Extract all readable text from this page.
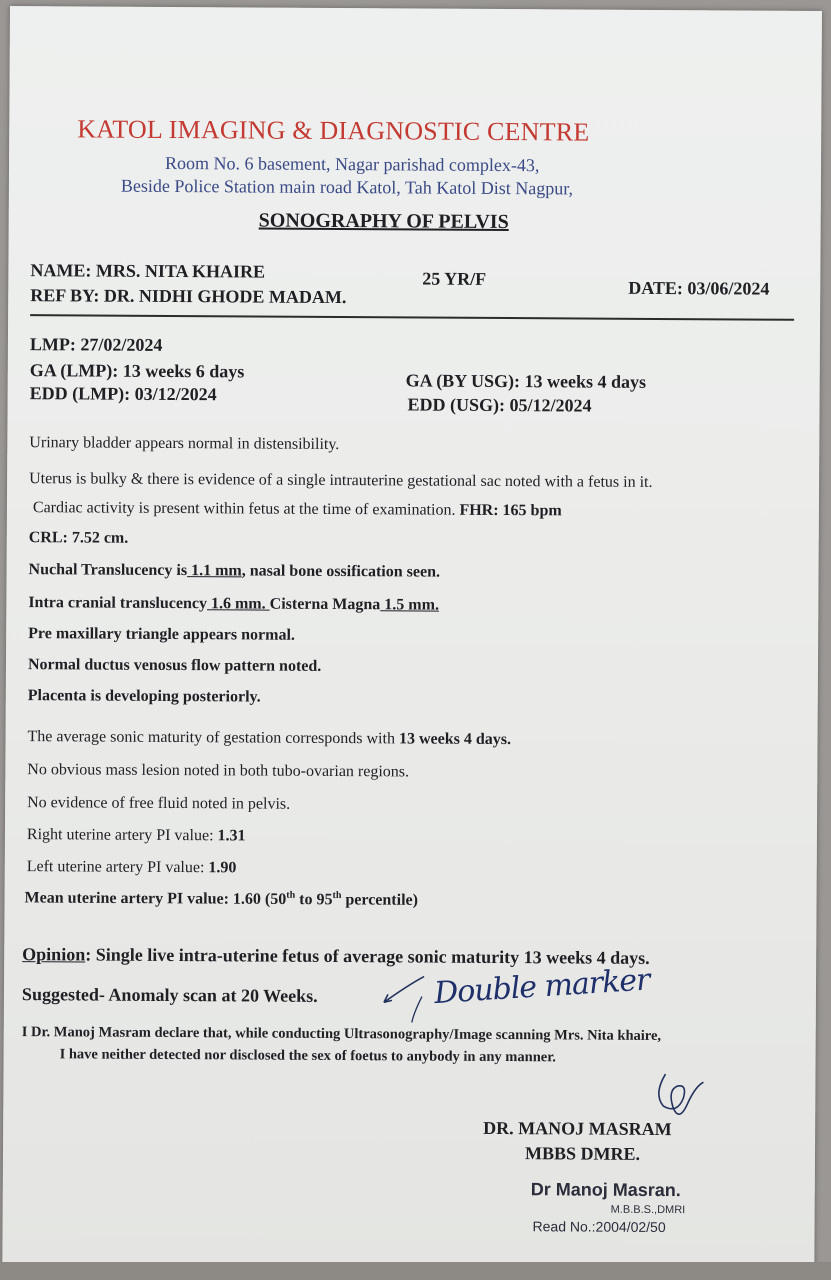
KATOL IMAGING & DIAGNOSTIC CENTRE
Room No. 6 basement, Nagar parishad complex-43,
Beside Police Station main road Katol, Tah Katol Dist Nagpur,
SONOGRAPHY OF PELVIS
NAME: MRS. NITA KHAIRE	25 YR/F	DATE: 03/06/2024
REF BY: DR. NIDHI GHODE MADAM.
LMP: 27/02/2024
GA (LMP): 13 weeks 6 days
EDD (LMP): 03/12/2024
GA (BY USG): 13 weeks 4 days
EDD (USG): 05/12/2024
Urinary bladder appears normal in distensibility.
Uterus is bulky & there is evidence of a single intrauterine gestational sac noted with a fetus in it.
Cardiac activity is present within fetus at the time of examination. FHR: 165 bpm
CRL: 7.52 cm.
Nuchal Translucency is 1.1 mm, nasal bone ossification seen.
Intra cranial translucency 1.6 mm. Cisterna Magna 1.5 mm.
Pre maxillary triangle appears normal.
Normal ductus venosus flow pattern noted.
Placenta is developing posteriorly.
The average sonic maturity of gestation corresponds with 13 weeks 4 days.
No obvious mass lesion noted in both tubo-ovarian regions.
No evidence of free fluid noted in pelvis.
Right uterine artery PI value: 1.31
Left uterine artery PI value: 1.90
Mean uterine artery PI value: 1.60 (50th to 95th percentile)
Opinion: Single live intra-uterine fetus of average sonic maturity 13 weeks 4 days.
Suggested- Anomaly scan at 20 Weeks.	Double marker
I Dr. Manoj Masram declare that, while conducting Ultrasonography/Image scanning Mrs. Nita khaire,
I have neither detected nor disclosed the sex of foetus to anybody in any manner.
DR. MANOJ MASRAM
MBBS DMRE.
Dr Manoj Masran.
M.B.B.S.,DMRI
Read No.:2004/02/50
